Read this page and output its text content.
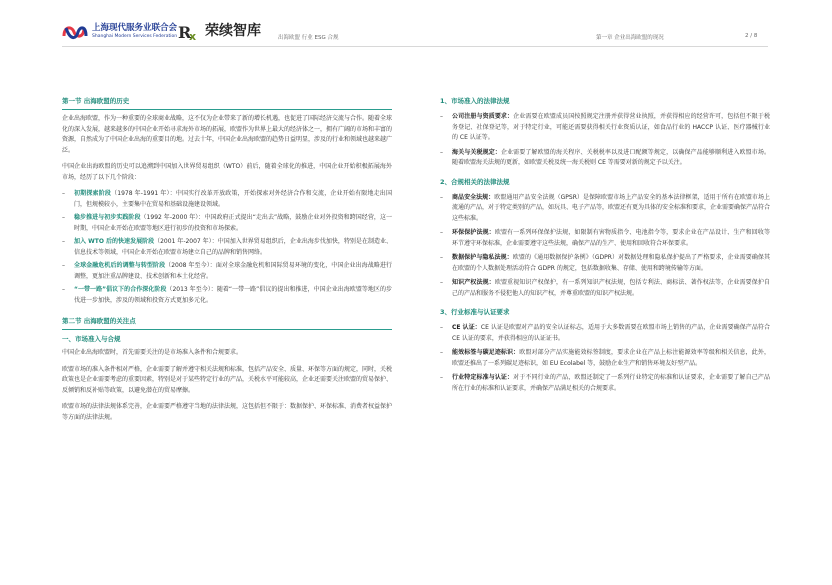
上海现代服务业联合会
Shanghai Modern Services Federation R
x 荣续智库	出海欧盟 行业 ESG 合规	第一章 企业出海欧盟的现况	2 / 8
第一节 出海欧盟的历史

企业出海欧盟，作为一种重要的全球商业战略，这不仅为企业带来了新的增长机遇，也促进了国际经济交流与合作。随着全球化的深入发展，越来越多的中国企业开始寻求海外市场的拓展，欧盟作为世界上最大的经济体之一，拥有广阔的市场和丰富的资源，自然成为了中国企业出海的重要目的地。过去十年，中国企业出海欧盟的趋势日益明显，涉及的行业和领域也越来越广泛。

中国企业出海欧盟的历史可以追溯到中国加入世界贸易组织（WTO）前后，随着全球化的推进，中国企业开始积极拓展海外市场，经历了以下几个阶段：

– 初期探索阶段（1978 年-1991 年）：中国实行改革开放政策，开始探索对外经济合作和交流，企业开始有限地走出国门，但规模较小，主要集中在贸易和基础设施建设领域。

– 稳步推进与初步实践阶段（1992 年-2000 年）：中国政府正式提出“走出去”战略，鼓励企业对外投资和跨国经营，这一时期，中国企业开始在欧盟等地区进行初步的投资和市场探索。

– 加入 WTO 后的快速发展阶段（2001 年-2007 年）：中国加入世界贸易组织后，企业出海步伐加快，特别是在制造业、信息技术等领域，中国企业开始在欧盟市场建立自己的品牌和销售网络。

– 全球金融危机后的调整与转型阶段（2008 年至今）：面对全球金融危机和国际贸易环境的变化，中国企业出海战略进行调整，更加注重品牌建设、技术创新和本土化经营。

– “一带一路”倡议下的合作深化阶段（2013 年至今）：随着“一带一路”倡议的提出和推进，中国企业出海欧盟等地区的步伐进一步加快，涉及的领域和投资方式更加多元化。

第二节 出海欧盟的关注点
一、市场准入与合规

中国企业出海欧盟时，首先需要关注的是市场准入条件和合规要求。

欧盟市场的准入条件相对严格，企业需要了解并遵守相关法规和标准，包括产品安全、质量、环保等方面的规定，同时，关税政策也是企业需要考虑的重要因素，特别是对于某些特定行业的产品，关税水平可能较高，企业还需要关注欧盟的贸易保护、反倾销和反补贴等政策，以避免潜在的贸易摩擦。

欧盟市场的法律法规体系完善，企业需要严格遵守当地的法律法规，这包括但不限于：数据保护、环保标准、消费者权益保护等方面的法律法规。

1、市场准入的法律法规
– 公司注册与资质要求：企业需要在欧盟成员国按照规定注册并获得营业执照，并获得相应的经营许可，包括但不限于税务登记、社保登记等，对于特定行业，可能还需要获得相关行业资质认证，如食品行业的 HACCP 认证、医疗器械行业的 CE 认证等。

– 海关与关税规定：企业需要了解欧盟的海关程序、关税税率以及进口配额等规定，以确保产品能够顺利进入欧盟市场。随着欧盟海关法规的更新，如欧盟关税及统一海关税则 CE 等需要对新的规定予以关注。

2、合规相关的法律法规
– 商品安全法规：欧盟通用产品安全法规（GPSR）是保障欧盟市场上产品安全的基本法律框架，适用于所有在欧盟市场上流通的产品，对于特定类别的产品，如玩具、电子产品等，欧盟还有更为具体的安全标准和要求，企业需要确保产品符合这些标准。

– 环保保护法规：欧盟有一系列环保保护法规，如限制有害物质指令、电池指令等，要求企业在产品设计、生产和回收等环节遵守环保标准，企业需要遵守这些法规，确保产品的生产、使用和回收符合环保要求。

– 数据保护与隐私法规：欧盟的《通用数据保护条例》（GDPR）对数据处理和隐私保护提出了严格要求，企业需要确保其在欧盟的个人数据处理活动符合 GDPR 的规定，包括数据收集、存储、使用和跨境传输等方面。

– 知识产权法规：欧盟重视知识产权保护，有一系列知识产权法规，包括专利法、商标法、著作权法等，企业需要保护自己的产品和服务不侵犯他人的知识产权，并尊重欧盟的知识产权法规。

3、行业标准与认证要求
– CE 认证：CE 认证是欧盟对产品的安全认证标志，适用于大多数需要在欧盟市场上销售的产品，企业需要确保产品符合 CE 认证的要求，并获得相应的认证证书。

– 能效标签与碳足迹标识：欧盟对部分产品实施能效标签制度，要求企业在产品上标注能源效率等级和相关信息，此外，欧盟还推出了一系列碳足迹标识，如 EU Ecolabel 等，鼓励企业生产和销售环境友好型产品。

– 行业特定标准与认证：对于不同行业的产品，欧盟还制定了一系列行业特定的标准和认证要求，企业需要了解自己产品所在行业的标准和认证要求，并确保产品满足相关的合规要求。
